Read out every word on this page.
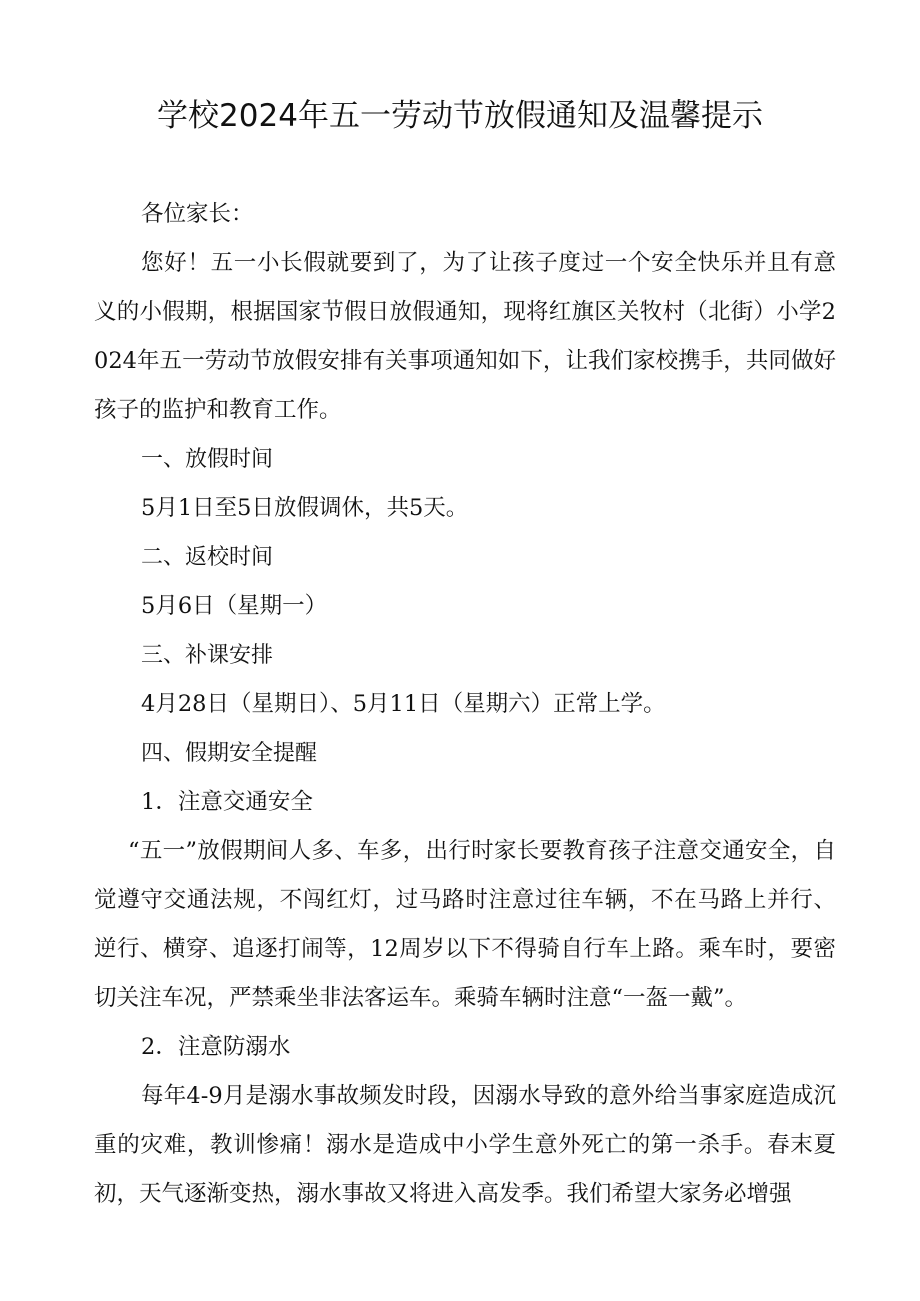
学校2024年五一劳动节放假通知及温馨提示

各位家长：

您好！五一小长假就要到了，为了让孩子度过一个安全快乐并且有意义的小假期，根据国家节假日放假通知，现将红旗区关牧村（北街）小学2024年五一劳动节放假安排有关事项通知如下，让我们家校携手，共同做好孩子的监护和教育工作。

一、放假时间

5月1日至5日放假调休，共5天。

二、返校时间

5月6日（星期一）

三、补课安排

4月28日（星期日）、5月11日（星期六）正常上学。

四、假期安全提醒

1．注意交通安全

“五一”放假期间人多、车多，出行时家长要教育孩子注意交通安全，自觉遵守交通法规，不闯红灯，过马路时注意过往车辆，不在马路上并行、逆行、横穿、追逐打闹等，12周岁以下不得骑自行车上路。乘车时，要密切关注车况，严禁乘坐非法客运车。乘骑车辆时注意“一盔一戴”。

2．注意防溺水

每年4-9月是溺水事故频发时段，因溺水导致的意外给当事家庭造成沉重的灾难，教训惨痛！溺水是造成中小学生意外死亡的第一杀手。春末夏初，天气逐渐变热，溺水事故又将进入高发季。我们希望大家务必增强
